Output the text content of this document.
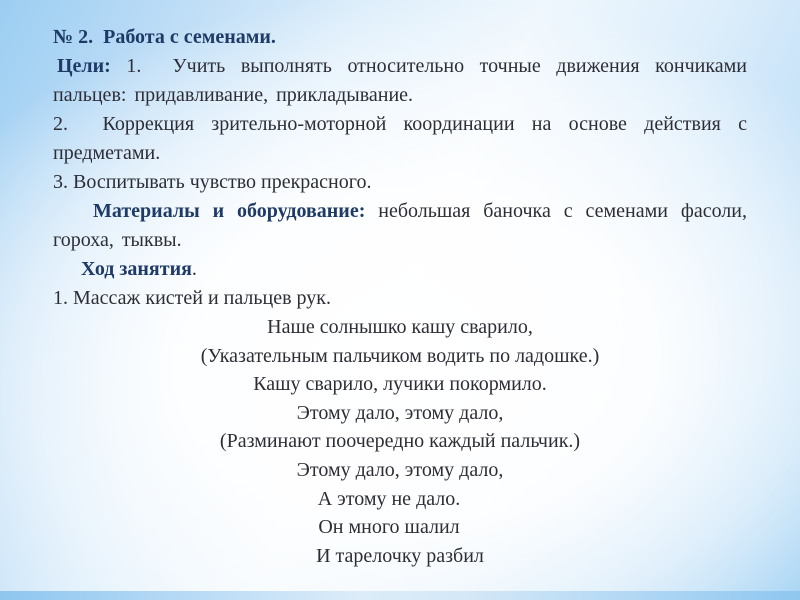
№ 2.  Работа с семенами.

Цели: 1.  Учить выполнять относительно точные движения кончиками пальцев: придавливание, прикладывание.

2.  Коррекция зрительно-моторной координации на основе действия с предметами.

3. Воспитывать чувство прекрасного.

Материалы и оборудование: небольшая баночка с семенами фасоли, гороха, тыквы.

Ход занятия.

1. Массаж кистей и пальцев рук.

Наше солнышко кашу сварило,
(Указательным пальчиком водить по ладошке.)
Кашу сварило, лучики покормило.
Этому дало, этому дало,
(Разминают поочередно каждый пальчик.)
Этому дало, этому дало,
А этому не дало.
Он много шалил
И тарелочку разбил
